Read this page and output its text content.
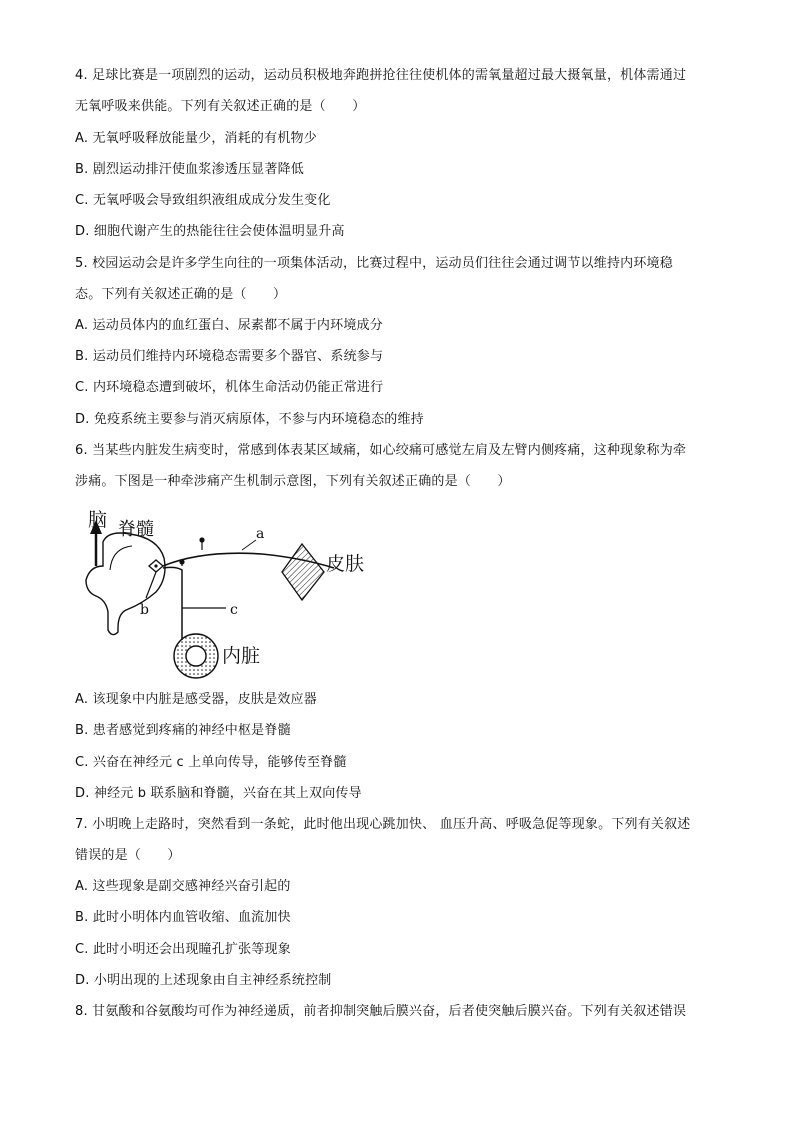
4. 足球比赛是一项剧烈的运动，运动员积极地奔跑拼抢往往使机体的需氧量超过最大摄氧量，机体需通过
无氧呼吸来供能。下列有关叙述正确的是（　　）
A. 无氧呼吸释放能量少，消耗的有机物少
B. 剧烈运动排汗使血浆渗透压显著降低
C. 无氧呼吸会导致组织液组成成分发生变化
D. 细胞代谢产生的热能往往会使体温明显升高
5. 校园运动会是许多学生向往的一项集体活动，比赛过程中，运动员们往往会通过调节以维持内环境稳
态。下列有关叙述正确的是（　　）
A. 运动员体内的血红蛋白、尿素都不属于内环境成分
B. 运动员们维持内环境稳态需要多个器官、系统参与
C. 内环境稳态遭到破坏，机体生命活动仍能正常进行
D. 免疫系统主要参与消灭病原体，不参与内环境稳态的维持
6. 当某些内脏发生病变时，常感到体表某区域痛，如心绞痛可感觉左肩及左臂内侧疼痛，这种现象称为牵
涉痛。下图是一种牵涉痛产生机制示意图，下列有关叙述正确的是（　　）
脑 脊髓
b
a
皮肤
c
内脏
A. 该现象中内脏是感受器，皮肤是效应器
B. 患者感觉到疼痛的神经中枢是脊髓
C. 兴奋在神经元 c 上单向传导，能够传至脊髓
D. 神经元 b 联系脑和脊髓，兴奋在其上双向传导
7. 小明晚上走路时，突然看到一条蛇，此时他出现心跳加快、 血压升高、呼吸急促等现象。下列有关叙述
错误的是（　　）
A. 这些现象是副交感神经兴奋引起的
B. 此时小明体内血管收缩、血流加快
C. 此时小明还会出现瞳孔扩张等现象
D. 小明出现的上述现象由自主神经系统控制
8. 甘氨酸和谷氨酸均可作为神经递质，前者抑制突触后膜兴奋，后者使突触后膜兴奋。下列有关叙述错误
